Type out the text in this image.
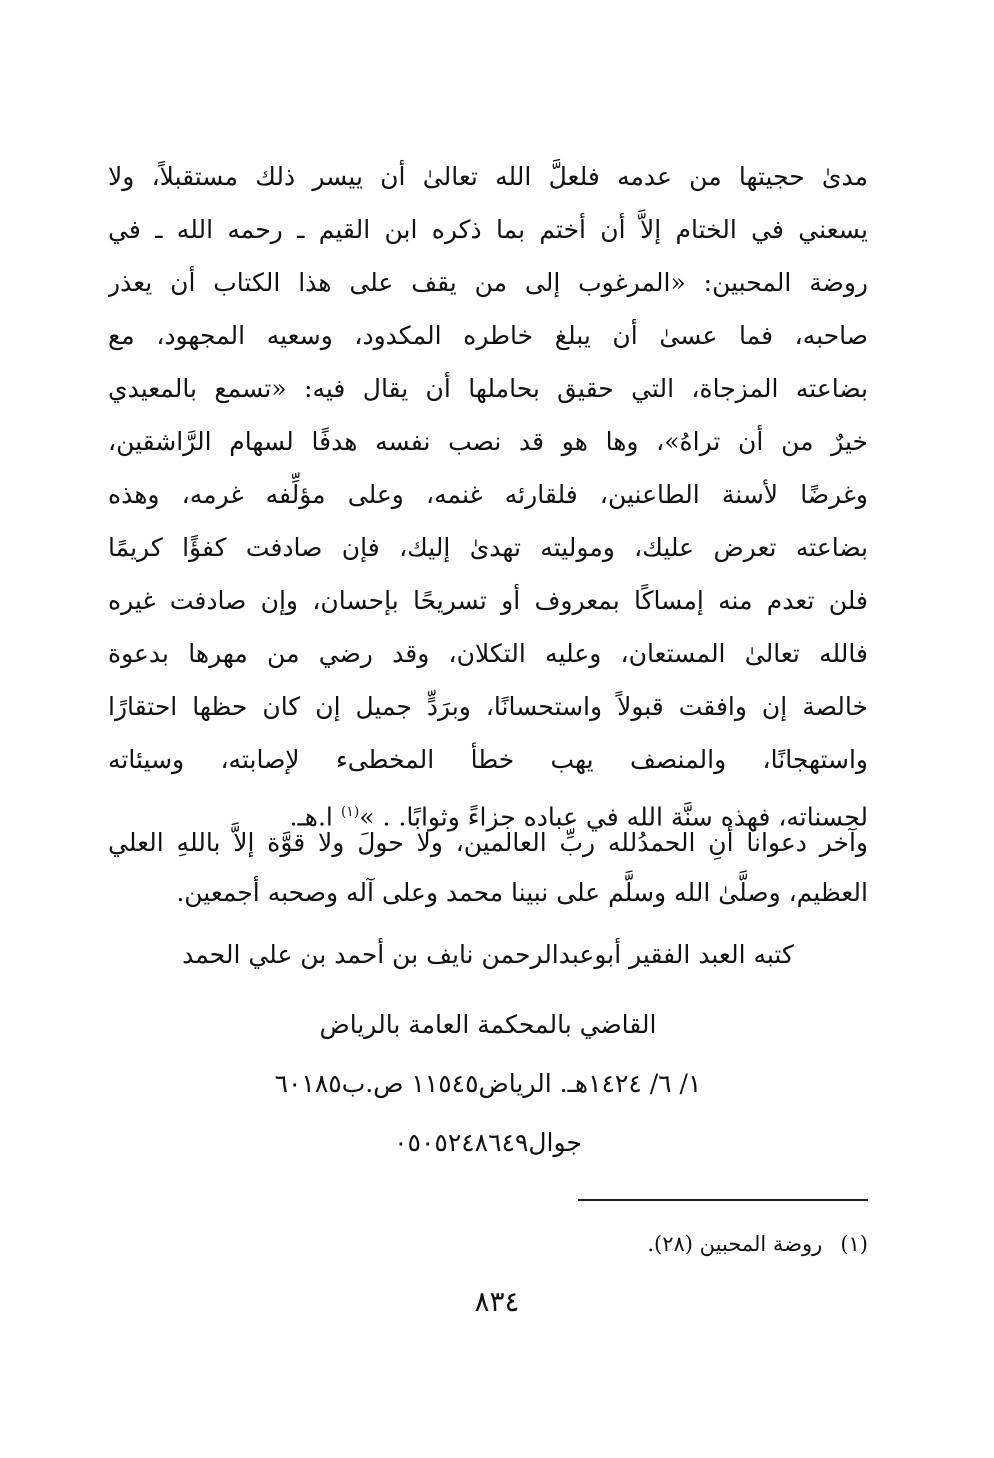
مدىٰ حجيتها من عدمه فلعلَّ الله تعالىٰ أن ييسر ذلك مستقبلاً، ولا
يسعني في الختام إلاَّ أن أختم بما ذكره ابن القيم ـ رحمه الله ـ في
روضة المحبين: «المرغوب إلى من يقف على هذا الكتاب أن يعذر
صاحبه، فما عسىٰ أن يبلغ خاطره المكدود، وسعيه المجهود، مع
بضاعته المزجاة، التي حقيق بحاملها أن يقال فيه: «تسمع بالمعيدي
خيرٌ من أن تراهُ»، وها هو قد نصب نفسه هدفًا لسهام الرَّاشقين،
وغرضًا لأسنة الطاعنين، فلقارئه غنمه، وعلى مؤلِّفه غرمه، وهذه
بضاعته تعرض عليك، ومولیته تهدىٰ إليك، فإن صادفت كفؤًا كريمًا
فلن تعدم منه إمساكًا بمعروف أو تسريحًا بإحسان، وإن صادفت غيره
فالله تعالىٰ المستعان، وعليه التكلان، وقد رضي من مهرها بدعوة
خالصة إن وافقت قبولاً واستحسانًا، وبرَدٍّ جميل إن كان حظها احتقارًا
واستهجانًا، والمنصف يهب خطأ المخطىء لإصابته، وسيئاته
لحسناته، فهذه سنَّة الله في عباده جزاءً وثوابًا. . »$^{(١)}$ ا.هـ.
وآخر دعوانا أنِ الحمدُلله ربِّ العالمين، ولا حولَ ولا قوَّة إلاَّ باللهِ العلي
العظيم، وصلَّىٰ الله وسلَّم على نبينا محمد وعلى آله وصحبه أجمعين.
كتبه العبد الفقير أبوعبدالرحمن نايف بن أحمد بن علي الحمد
القاضي بالمحكمة العامة بالرياض
١/ ٦/ ١٤٢٤هـ. الرياض١١٥٤٥ ص.ب٦٠١٨٥
جوال٠٥٠٥٢٤٨٦٤٩
(١)روضة المحبين (٢٨).
٨٣٤
